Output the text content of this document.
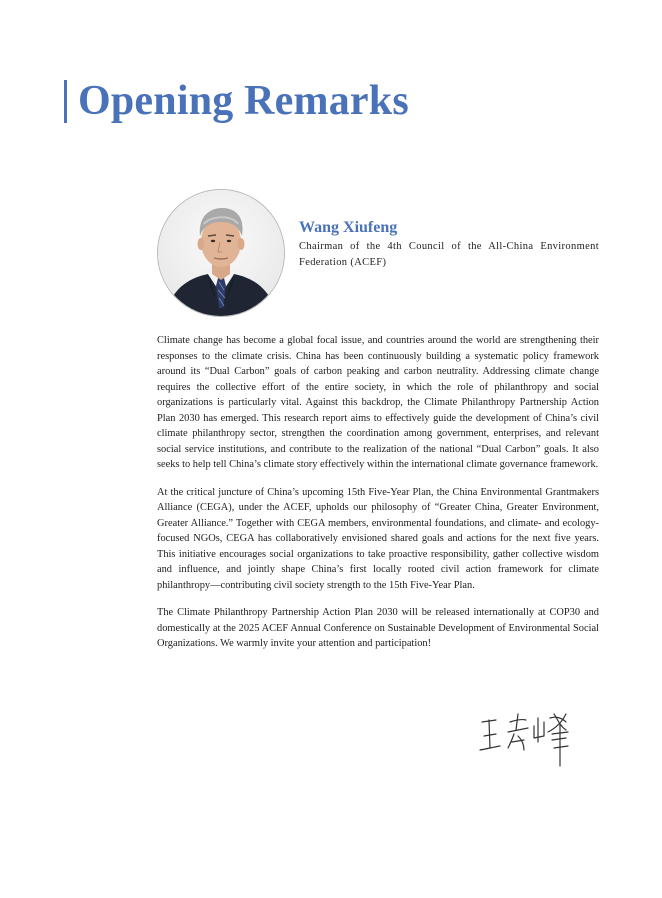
Opening Remarks
Wang Xiufeng

Chairman of the 4th Council of the All-China Environment Federation (ACEF)

Climate change has become a global focal issue, and countries around the world are strengthening their responses to the climate crisis. China has been continuously building a systematic policy framework around its “Dual Carbon” goals of carbon peaking and carbon neutrality. Addressing climate change requires the collective effort of the entire society, in which the role of philanthropy and social organizations is particularly vital. Against this backdrop, the Climate Philanthropy Partnership Action Plan 2030 has emerged. This research report aims to effectively guide the development of China’s civil climate philanthropy sector, strengthen the coordination among government, enterprises, and relevant social service institutions, and contribute to the realization of the national “Dual Carbon” goals. It also seeks to help tell China’s climate story effectively within the international climate governance framework.

At the critical juncture of China’s upcoming 15th Five-Year Plan, the China Environmental Grantmakers Alliance (CEGA), under the ACEF, upholds our philosophy of “Greater China, Greater Environment, Greater Alliance.” Together with CEGA members, environmental foundations, and climate- and ecology-focused NGOs, CEGA has collaboratively envisioned shared goals and actions for the next five years. This initiative encourages social organizations to take proactive responsibility, gather collective wisdom and influence, and jointly shape China’s first locally rooted civil action framework for climate philanthropy—contributing civil society strength to the 15th Five-Year Plan.

The Climate Philanthropy Partnership Action Plan 2030 will be released internationally at COP30 and domestically at the 2025 ACEF Annual Conference on Sustainable Development of Environmental Social Organizations. We warmly invite your attention and participation!
